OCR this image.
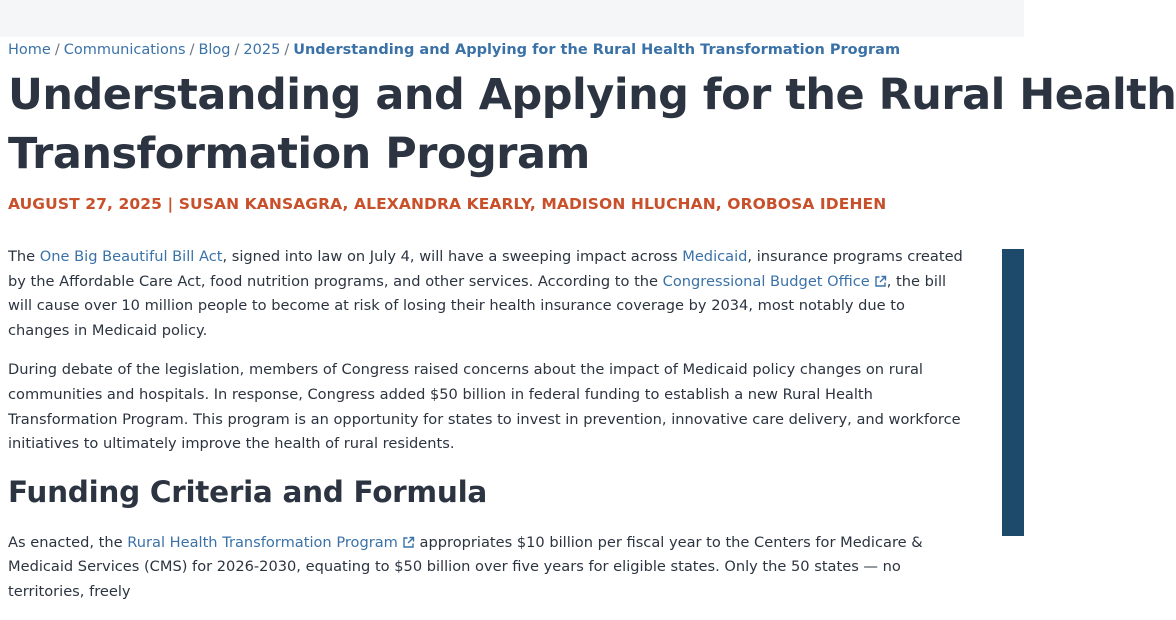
Home / Communications / Blog / 2025 / Understanding and Applying for the Rural Health Transformation Program
Understanding and Applying for the Rural Health
Transformation Program
AUGUST 27, 2025 | SUSAN KANSAGRA, ALEXANDRA KEARLY, MADISON HLUCHAN, OROBOSA IDEHEN

The One Big Beautiful Bill Act, signed into law on July 4, will have a sweeping impact across Medicaid, insurance programs created by the Affordable Care Act, food nutrition programs, and other services. According to the Congressional Budget Office , the bill will cause over 10 million people to become at risk of losing their health insurance coverage by 2034, most notably due to changes in Medicaid policy.

During debate of the legislation, members of Congress raised concerns about the impact of Medicaid policy changes on rural communities and hospitals. In response, Congress added $50 billion in federal funding to establish a new Rural Health Transformation Program. This program is an opportunity for states to invest in prevention, innovative care delivery, and workforce initiatives to ultimately improve the health of rural residents.

Funding Criteria and Formula

As enacted, the Rural Health Transformation Program appropriates $10 billion per fiscal year to the Centers for Medicare & Medicaid Services (CMS) for 2026-2030, equating to $50 billion over five years for eligible states. Only the 50 states — no territories, freely
